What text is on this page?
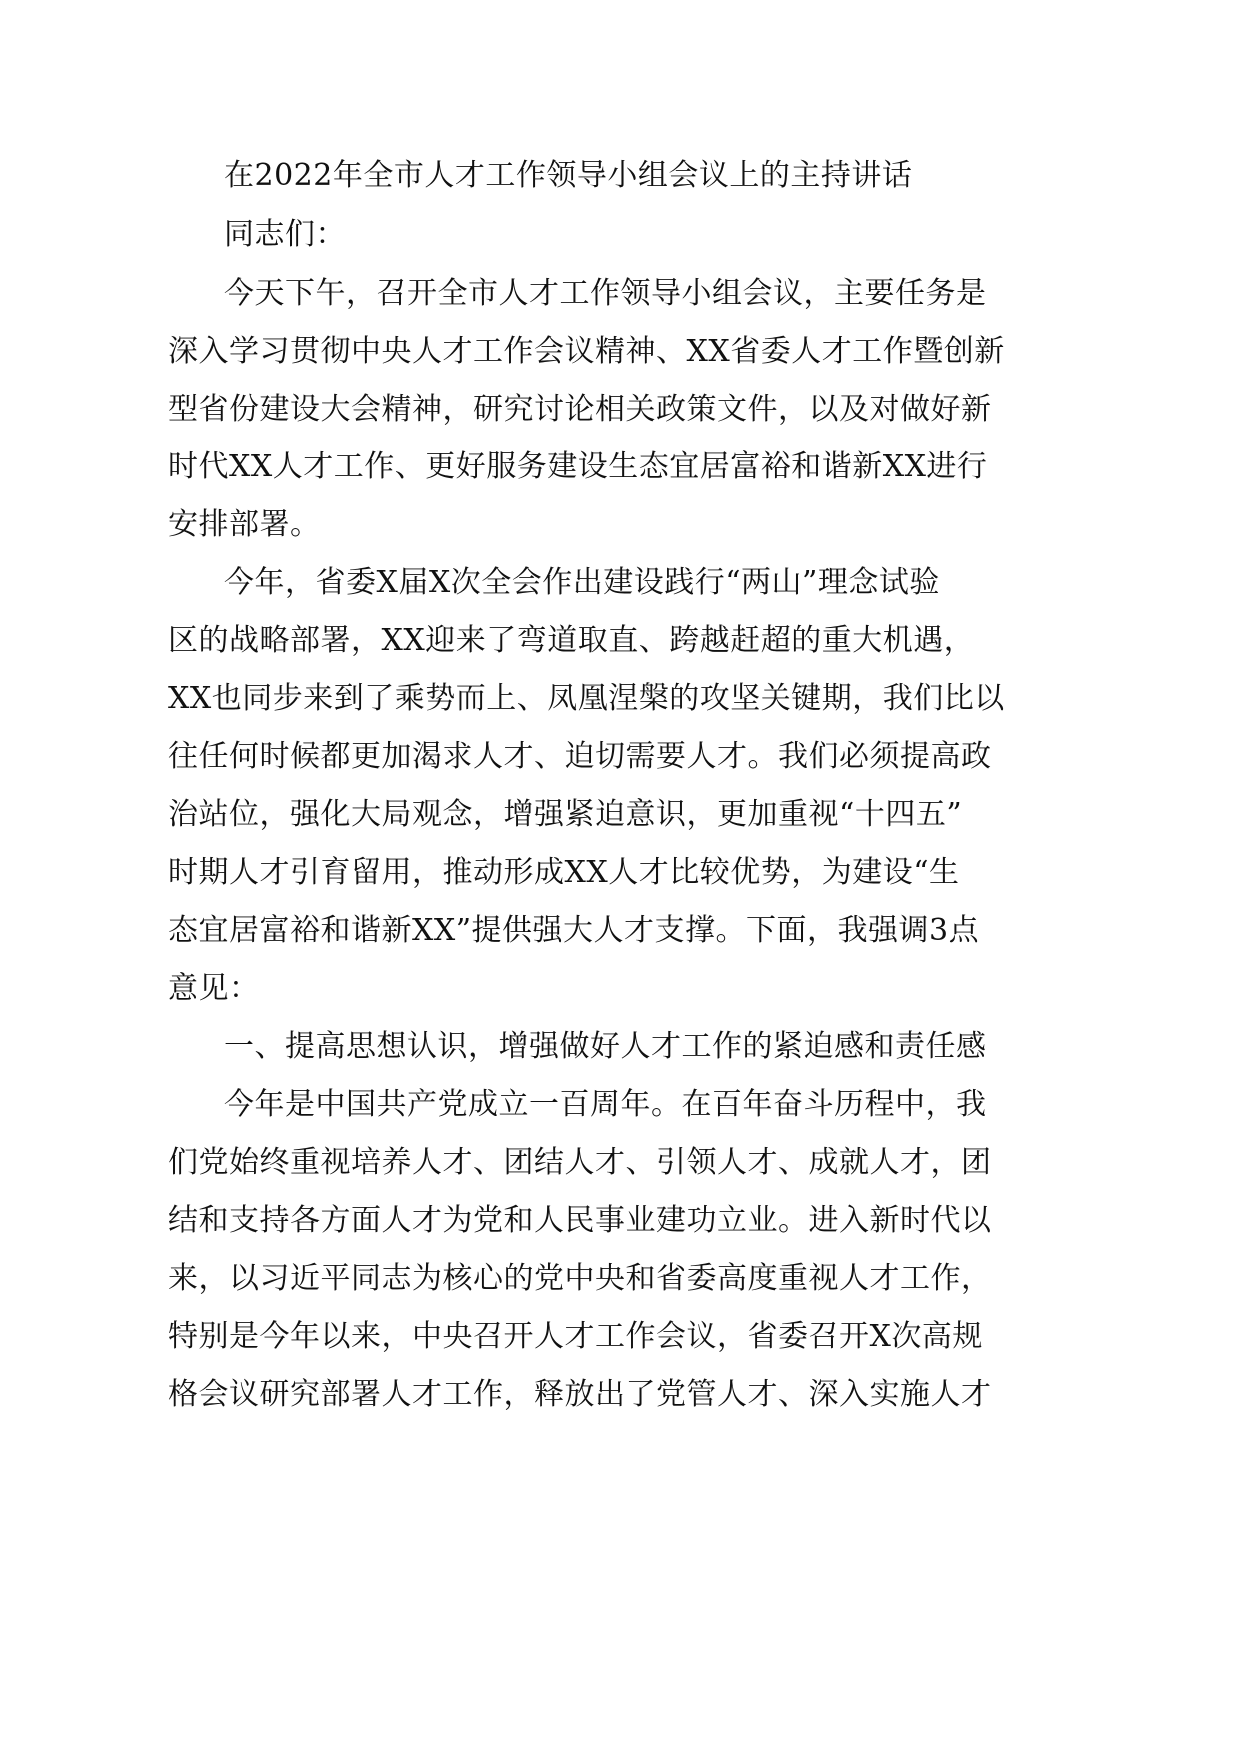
在2022年全市人才工作领导小组会议上的主持讲话

同志们：

今天下午，召开全市人才工作领导小组会议，主要任务是

深入学习贯彻中央人才工作会议精神、XX省委人才工作暨创新

型省份建设大会精神，研究讨论相关政策文件，以及对做好新

时代XX人才工作、更好服务建设生态宜居富裕和谐新XX进行

安排部署。

今年，省委X届X次全会作出建设践行“两山”理念试验

区的战略部署，XX迎来了弯道取直、跨越赶超的重大机遇，

XX也同步来到了乘势而上、凤凰涅槃的攻坚关键期，我们比以

往任何时候都更加渴求人才、迫切需要人才。我们必须提高政

治站位，强化大局观念，增强紧迫意识，更加重视“十四五”

时期人才引育留用，推动形成XX人才比较优势，为建设“生

态宜居富裕和谐新XX”提供强大人才支撑。下面，我强调3点

意见：

一、提高思想认识，增强做好人才工作的紧迫感和责任感

今年是中国共产党成立一百周年。在百年奋斗历程中，我

们党始终重视培养人才、团结人才、引领人才、成就人才，团

结和支持各方面人才为党和人民事业建功立业。进入新时代以

来，以习近平同志为核心的党中央和省委高度重视人才工作，

特别是今年以来，中央召开人才工作会议，省委召开X次高规

格会议研究部署人才工作，释放出了党管人才、深入实施人才
